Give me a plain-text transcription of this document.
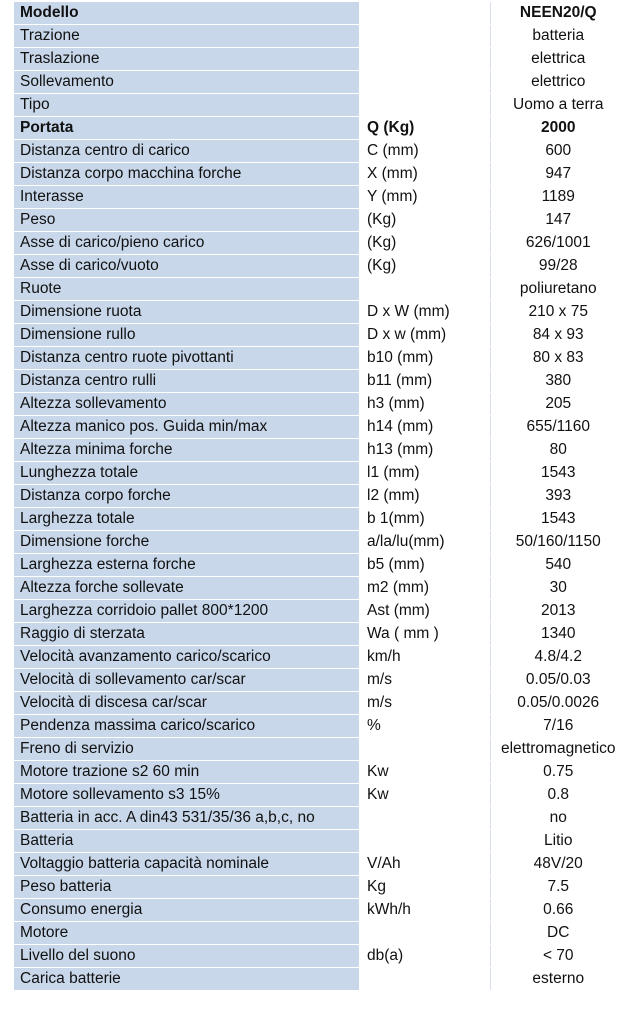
Modello		NEEN20/Q
Trazione		batteria
Traslazione		elettrica
Sollevamento		elettrico
Tipo		Uomo a terra
Portata	Q (Kg)	2000
Distanza centro di carico	C (mm)	600
Distanza corpo macchina forche	X (mm)	947
Interasse	Y (mm)	1189
Peso	(Kg)	147
Asse di carico/pieno carico	(Kg)	626/1001
Asse di carico/vuoto	(Kg)	99/28
Ruote		poliuretano
Dimensione ruota	D x W (mm)	210 x 75
Dimensione rullo	D x w (mm)	84 x 93
Distanza centro ruote pivottanti	b10 (mm)	80 x 83
Distanza centro rulli	b11 (mm)	380
Altezza sollevamento	h3 (mm)	205
Altezza manico pos. Guida min/max	h14 (mm)	655/1160
Altezza minima forche	h13 (mm)	80
Lunghezza totale	l1 (mm)	1543
Distanza corpo forche	l2 (mm)	393
Larghezza totale	b 1(mm)	1543
Dimensione forche	a/la/lu(mm)	50/160/1150
Larghezza esterna forche	b5 (mm)	540
Altezza forche sollevate	m2 (mm)	30
Larghezza corridoio pallet 800*1200	Ast (mm)	2013
Raggio di sterzata	Wa ( mm )	1340
Velocità avanzamento carico/scarico	km/h	4.8/4.2
Velocità di sollevamento car/scar	m/s	0.05/0.03
Velocità di discesa car/scar	m/s	0.05/0.0026
Pendenza massima carico/scarico	%	7/16
Freno di servizio		elettromagnetico
Motore trazione s2 60 min	Kw	0.75
Motore sollevamento s3 15%	Kw	0.8
Batteria in acc. A din43 531/35/36 a,b,c, no		no
Batteria		Litio
Voltaggio batteria capacità nominale	V/Ah	48V/20
Peso batteria	Kg	7.5
Consumo energia	kWh/h	0.66
Motore		DC
Livello del suono	db(a)	< 70
Carica batterie		esterno
